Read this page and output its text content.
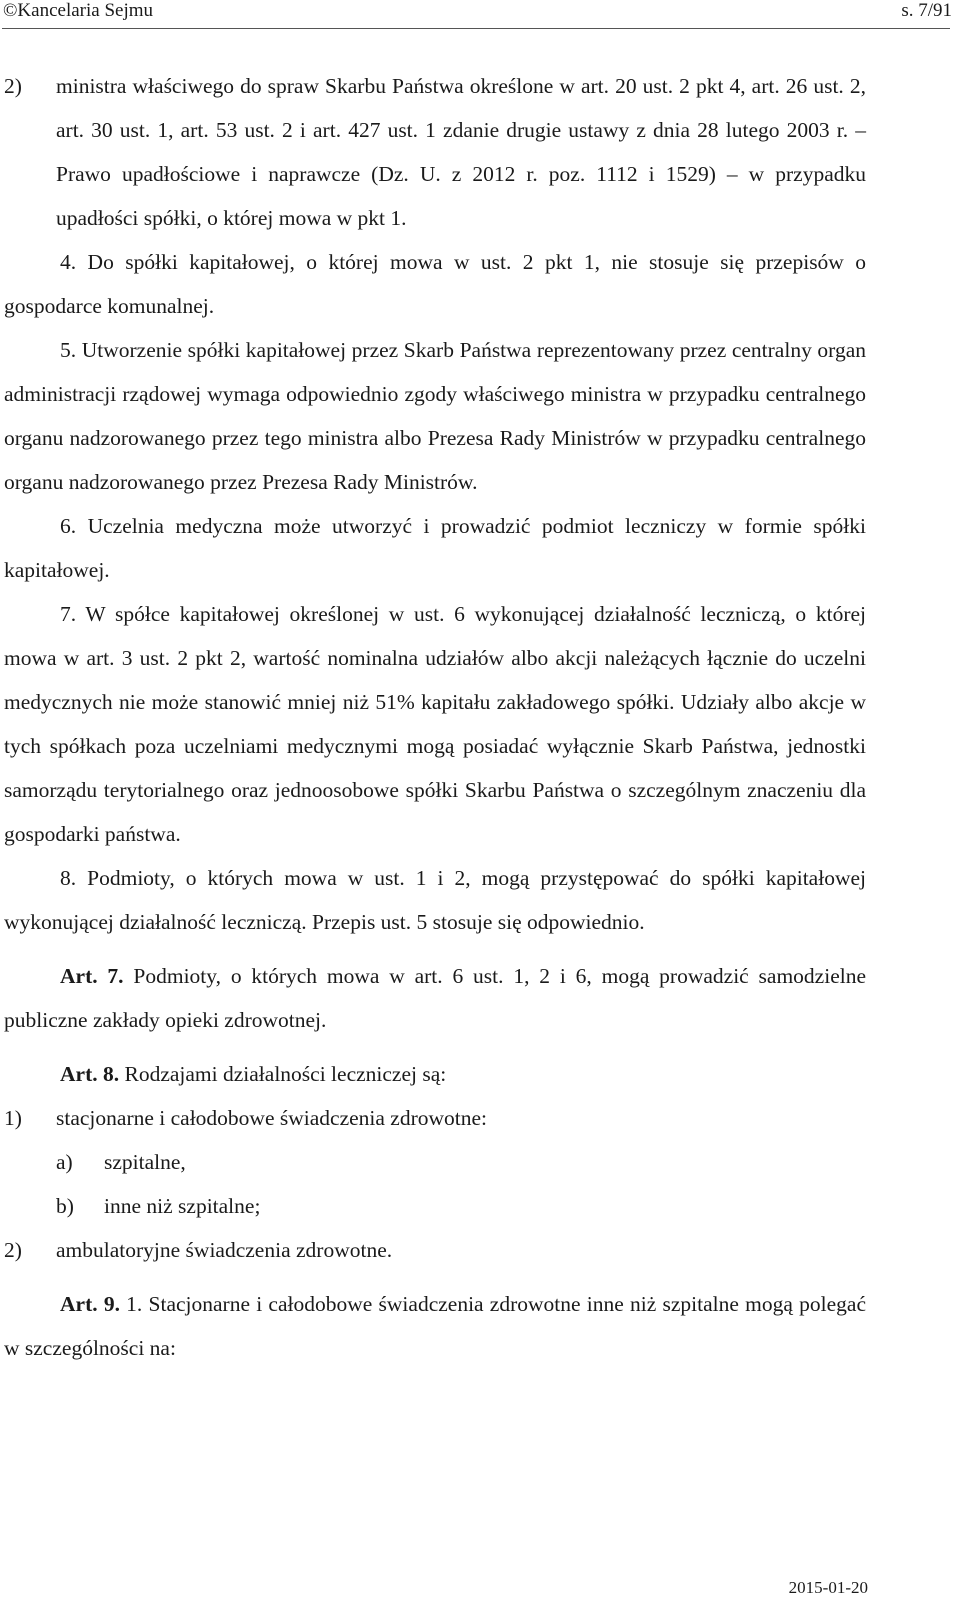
©Kancelaria Sejmu	s. 7/91
2) ministra właściwego do spraw Skarbu Państwa określone w art. 20 ust. 2 pkt 4, art. 26 ust. 2, art. 30 ust. 1, art. 53 ust. 2 i art. 427 ust. 1 zdanie drugie ustawy z dnia 28 lutego 2003 r. – Prawo upadłościowe i naprawcze (Dz. U. z 2012 r. poz. 1112 i 1529) – w przypadku upadłości spółki, o której mowa w pkt 1.

4. Do spółki kapitałowej, o której mowa w ust. 2 pkt 1, nie stosuje się przepisów o gospodarce komunalnej.

5. Utworzenie spółki kapitałowej przez Skarb Państwa reprezentowany przez centralny organ administracji rządowej wymaga odpowiednio zgody właściwego ministra w przypadku centralnego organu nadzorowanego przez tego ministra albo Prezesa Rady Ministrów w przypadku centralnego organu nadzorowanego przez Prezesa Rady Ministrów.

6. Uczelnia medyczna może utworzyć i prowadzić podmiot leczniczy w formie spółki kapitałowej.

7. W spółce kapitałowej określonej w ust. 6 wykonującej działalność leczniczą, o której mowa w art. 3 ust. 2 pkt 2, wartość nominalna udziałów albo akcji należących łącznie do uczelni medycznych nie może stanowić mniej niż 51% kapitału zakładowego spółki. Udziały albo akcje w tych spółkach poza uczelniami medycznymi mogą posiadać wyłącznie Skarb Państwa, jednostki samorządu terytorialnego oraz jednoosobowe spółki Skarbu Państwa o szczególnym znaczeniu dla gospodarki państwa.

8. Podmioty, o których mowa w ust. 1 i 2, mogą przystępować do spółki kapitałowej wykonującej działalność leczniczą. Przepis ust. 5 stosuje się odpowiednio.

Art. 7. Podmioty, o których mowa w art. 6 ust. 1, 2 i 6, mogą prowadzić samodzielne publiczne zakłady opieki zdrowotnej.

Art. 8. Rodzajami działalności leczniczej są:

1) stacjonarne i całodobowe świadczenia zdrowotne:
a) szpitalne,
b) inne niż szpitalne;
2) ambulatoryjne świadczenia zdrowotne.

Art. 9. 1. Stacjonarne i całodobowe świadczenia zdrowotne inne niż szpitalne mogą polegać w szczególności na:

2015-01-20
